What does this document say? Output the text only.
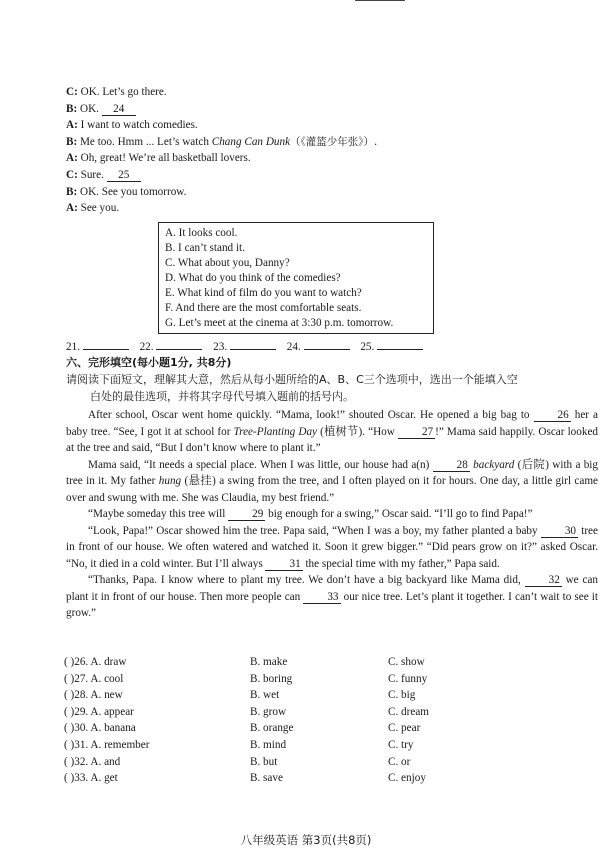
C: OK. Let’s go there.
B: OK. 24
A: I want to watch comedies.
B: Me too. Hmm ... Let’s watch Chang Can Dunk（《灌篮少年张》）.
A: Oh, great! We’re all basketball lovers.
C: Sure. 25
B: OK. See you tomorrow.
A: See you.
A. It looks cool.
B. I can’t stand it.
C. What about you, Danny?
D. What do you think of the comedies?
E. What kind of film do you want to watch?
F. And there are the most comfortable seats.
G. Let’s meet at the cinema at 3:30 p.m. tomorrow.
21.	22.	23.	24.	25.
六、完形填空(每小题1分, 共8分)
请阅读下面短文，理解其大意，然后从每小题所给的A、B、C三个选项中，选出一个能填入空
白处的最佳选项，并将其字母代号填入题前的括号内。

After school, Oscar went home quickly. “Mama, look!” shouted Oscar. He opened a big bag to 26 her a baby tree. “See, I got it at school for Tree-Planting Day (植树节). “How 27 !” Mama said happily. Oscar looked at the tree and said, “But I don’t know where to plant it.”

Mama said, “It needs a special place. When I was little, our house had a(n) 28 backyard (后院) with a big tree in it. My father hung (悬挂) a swing from the tree, and I often played on it for hours. One day, a little girl came over and swung with me. She was Claudia, my best friend.”

“Maybe someday this tree will 29 big enough for a swing,” Oscar said. “I’ll go to find Papa!”

“Look, Papa!” Oscar showed him the tree. Papa said, “When I was a boy, my father planted a baby 30 tree in front of our house. We often watered and watched it. Soon it grew bigger.” “Did pears grow on it?” asked Oscar. “No, it died in a cold winter. But I’ll always 31 the special time with my father,” Papa said.

“Thanks, Papa. I know where to plant my tree. We don’t have a big backyard like Mama did, 32 we can plant it in front of our house. Then more people can 33 our nice tree. Let’s plant it together. I can’t wait to see it grow.”

( )26. A. draw	B. make	C. show
( )27. A. cool	B. boring	C. funny
( )28. A. new	B. wet	C. big
( )29. A. appear	B. grow	C. dream
( )30. A. banana	B. orange	C. pear
( )31. A. remember	B. mind	C. try
( )32. A. and	B. but	C. or
( )33. A. get	B. save	C. enjoy
八年级英语 第3页(共8页)
